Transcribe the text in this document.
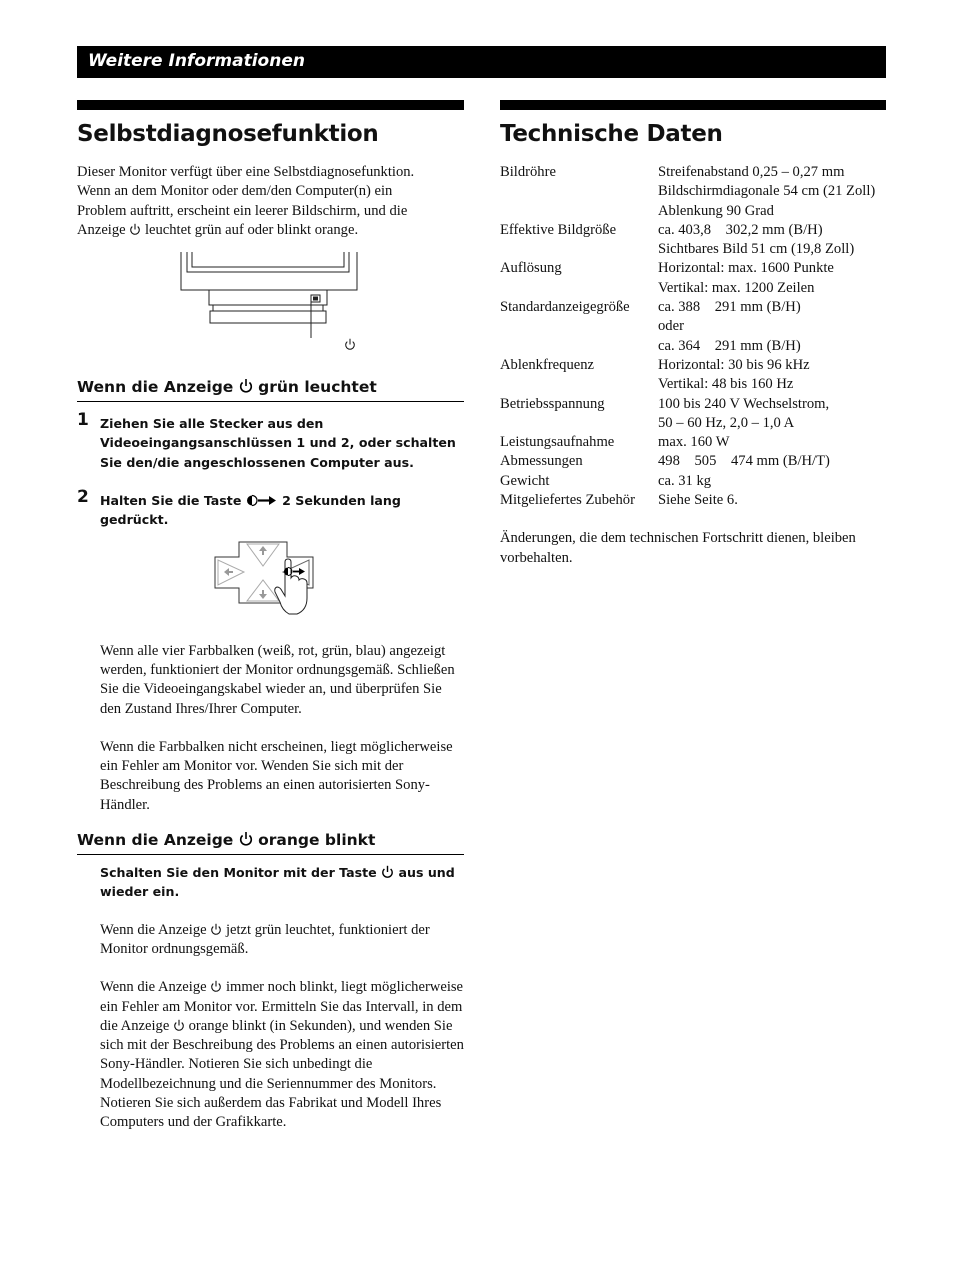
Weitere Informationen
Selbstdiagnosefunktion
Dieser Monitor verfügt über eine Selbstdiagnosefunktion.
Wenn an dem Monitor oder dem/den Computer(n) ein
Problem auftritt, erscheint ein leerer Bildschirm, und die
Anzeige leuchtet grün auf oder blinkt orange.
Wenn die Anzeige grün leuchtet
1 Ziehen Sie alle Stecker aus den Videoeingangsanschlüssen 1 und 2, oder schalten Sie den/die angeschlossenen Computer aus.
2 Halten Sie die Taste	2 Sekunden lang gedrückt.
Wenn alle vier Farbbalken (weiß, rot, grün, blau) angezeigt werden, funktioniert der Monitor ordnungsgemäß. Schließen Sie die Videoeingangskabel wieder an, und überprüfen Sie den Zustand Ihres/Ihrer Computer.
Wenn die Farbbalken nicht erscheinen, liegt möglicherweise ein Fehler am Monitor vor. Wenden Sie sich mit der Beschreibung des Problems an einen autorisierten Sony-Händler.
Wenn die Anzeige orange blinkt
Schalten Sie den Monitor mit der Taste aus und wieder ein.
Wenn die Anzeige jetzt grün leuchtet, funktioniert der Monitor ordnungsgemäß.
Wenn die Anzeige immer noch blinkt, liegt möglicherweise ein Fehler am Monitor vor. Ermitteln Sie das Intervall, in dem die Anzeige orange blinkt (in Sekunden), und wenden Sie sich mit der Beschreibung des Problems an einen autorisierten Sony-Händler. Notieren Sie sich unbedingt die Modellbezeichnung und die Seriennummer des Monitors. Notieren Sie sich außerdem das Fabrikat und Modell Ihres Computers und der Grafikkarte.
Technische Daten
Bildröhre	Streifenabstand 0,25 – 0,27 mm
Bildschirmdiagonale 54 cm (21 Zoll)
Ablenkung 90 Grad

Effektive Bildgröße	ca. 403,8    302,2 mm (B/H)
Sichtbares Bild 51 cm (19,8 Zoll)

Auflösung	Horizontal: max. 1600 Punkte
Vertikal: max. 1200 Zeilen

Standardanzeigegröße	ca. 388    291 mm (B/H)
oder
ca. 364    291 mm (B/H)

Ablenkfrequenz	Horizontal: 30 bis 96 kHz
Vertikal: 48 bis 160 Hz

Betriebsspannung	100 bis 240 V Wechselstrom,
50 – 60 Hz, 2,0 – 1,0 A

Leistungsaufnahme	max. 160 W

Abmessungen	498    505    474 mm (B/H/T)

Gewicht	ca. 31 kg

Mitgeliefertes Zubehör	Siehe Seite 6.
Änderungen, die dem technischen Fortschritt dienen, bleiben vorbehalten.
